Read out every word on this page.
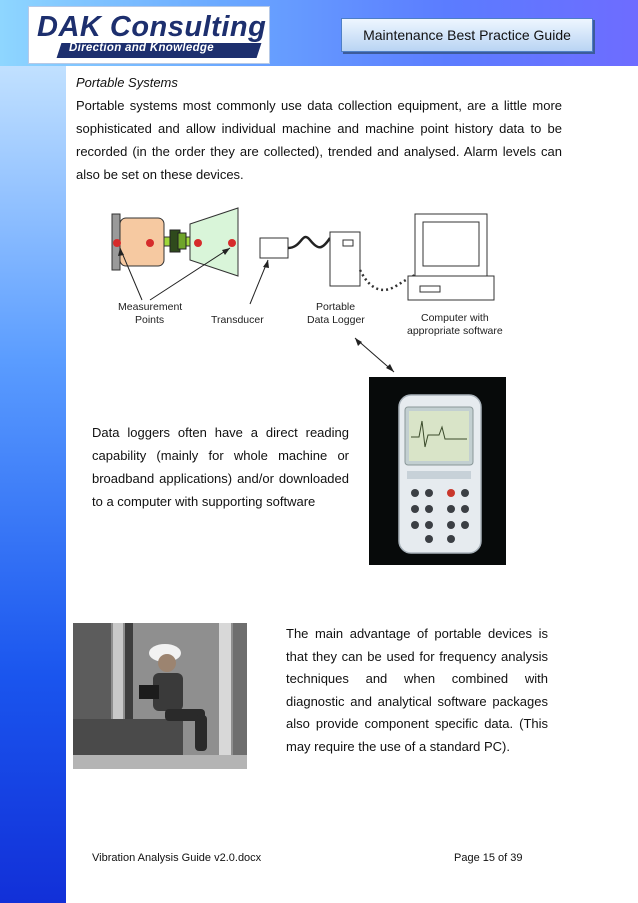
DAK Consulting
Direction and Knowledge
Maintenance Best Practice Guide
Portable Systems
Portable systems most commonly use data collection equipment, are a little more sophisticated and allow individual machine and machine point history data to be recorded (in the order they are collected), trended and analysed. Alarm levels can also be set on these devices.
Measurement
Points	Transducer
Portable
Data Logger	Computer with
appropriate software
Data loggers often have a direct reading capability (mainly for whole machine or broadband applications) and/or downloaded to a computer with supporting software
The main advantage of portable devices is that they can be used for frequency analysis techniques and when combined with diagnostic and analytical software packages also provide component specific data. (This may require the use of a standard PC).
Vibration Analysis Guide v2.0.docx	Page 15 of 39
